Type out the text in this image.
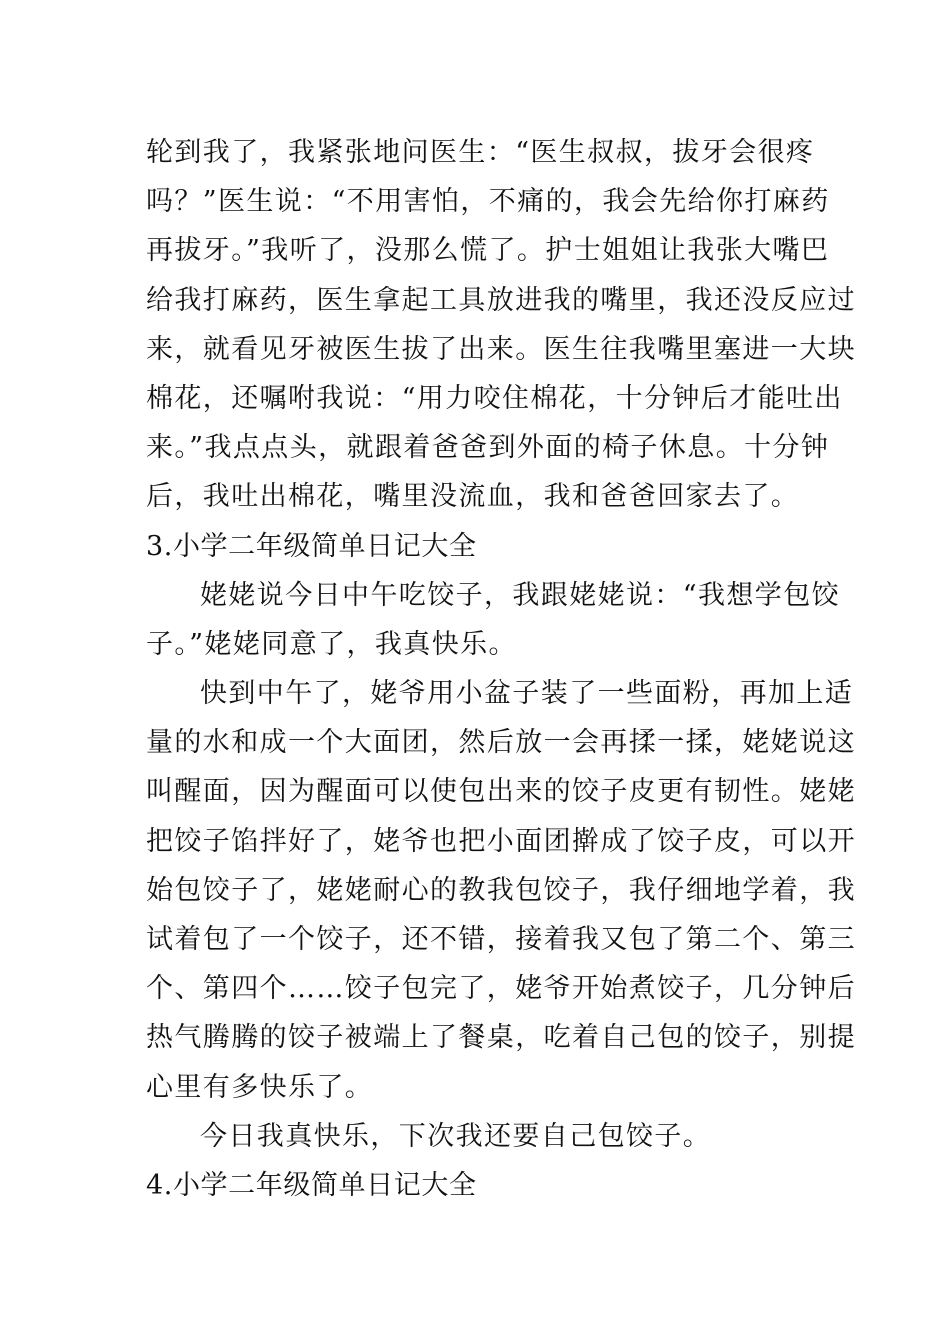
轮到我了，我紧张地问医生：“医生叔叔，拔牙会很疼
吗？”医生说：“不用害怕，不痛的，我会先给你打麻药
再拔牙。”我听了，没那么慌了。护士姐姐让我张大嘴巴
给我打麻药，医生拿起工具放进我的嘴里，我还没反应过
来，就看见牙被医生拔了出来。医生往我嘴里塞进一大块
棉花，还嘱咐我说：“用力咬住棉花，十分钟后才能吐出
来。”我点点头，就跟着爸爸到外面的椅子休息。十分钟
后，我吐出棉花，嘴里没流血，我和爸爸回家去了。
3.小学二年级简单日记大全
姥姥说今日中午吃饺子，我跟姥姥说：“我想学包饺
子。”姥姥同意了，我真快乐。
快到中午了，姥爷用小盆子装了一些面粉，再加上适
量的水和成一个大面团，然后放一会再揉一揉，姥姥说这
叫醒面，因为醒面可以使包出来的饺子皮更有韧性。姥姥
把饺子馅拌好了，姥爷也把小面团擀成了饺子皮，可以开
始包饺子了，姥姥耐心的教我包饺子，我仔细地学着，我
试着包了一个饺子，还不错，接着我又包了第二个、第三
个、第四个……饺子包完了，姥爷开始煮饺子，几分钟后
热气腾腾的饺子被端上了餐桌，吃着自己包的饺子，别提
心里有多快乐了。
今日我真快乐，下次我还要自己包饺子。
4.小学二年级简单日记大全
